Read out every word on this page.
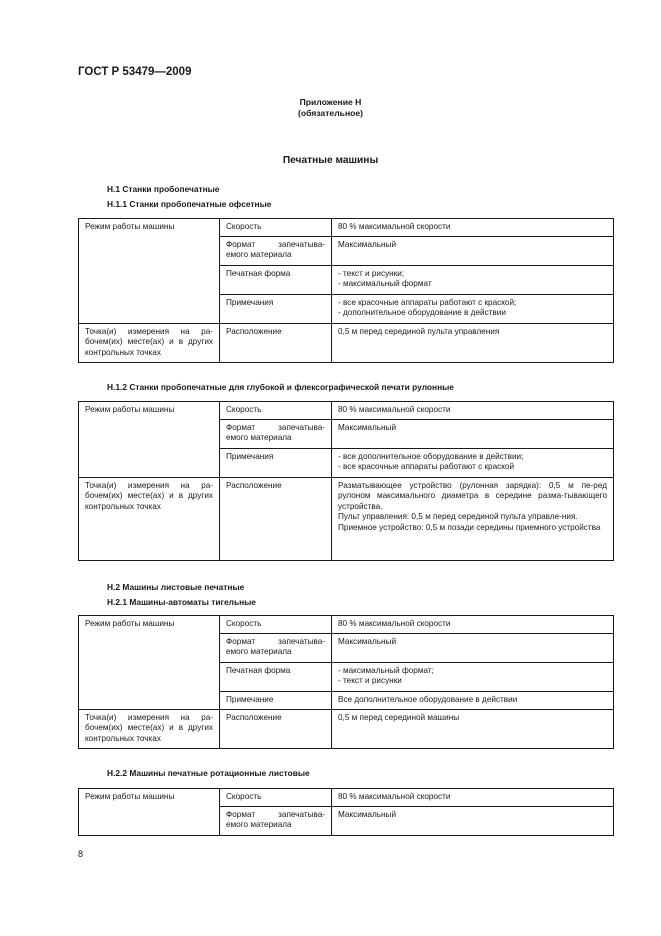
ГОСТ Р 53479—2009
Приложение Н
(обязательное)
Печатные машины
Н.1 Станки пробопечатные
Н.1.1 Станки пробопечатные офсетные
Режим работы машины	Скорость	80 % максимальной скорости
	Формат запечатыва-емого материала	Максимальный
	Печатная форма	- текст и рисунки;
- максимальный формат
	Примечания	- все красочные аппараты работают с краской;
- дополнительное оборудование в действии
Точка(и) измерения на ра-бочем(их) месте(ах) и в других контрольных точках	Расположение	0,5 м перед серединой пульта управления
Н.1.2 Станки пробопечатные для глубокой и флексографической печати рулонные
Режим работы машины	Скорость	80 % максимальной скорости
	Формат запечатыва-емого материала	Максимальный
	Примечания	- все дополнительное оборудование в действии;
- все красочные аппараты работают с краской
Точка(и) измерения на ра-бочем(их) месте(ах) и в других контрольных точках	Расположение	Разматывающее устройство (рулонная зарядка): 0,5 м пе-ред рулоном максимального диаметра в середине разма-тывающего устройства.
Пульт управления: 0,5 м перед серединой пульта управле-ния.
Приемное устройство: 0,5 м позади середины приемного устройства
Н.2 Машины листовые печатные
Н.2.1 Машины-автоматы тигельные
Режим работы машины	Скорость	80 % максимальной скорости
	Формат запечатыва-емого материала	Максимальный
	Печатная форма	- максимальный формат;
- текст и рисунки
	Примечание	Все дополнительное оборудование в действии
Точка(и) измерения на ра-бочем(их) месте(ах) и в других контрольных точках	Расположение	0,5 м перед серединой машины
Н.2.2 Машины печатные ротационные листовые
Режим работы машины	Скорость	80 % максимальной скорости
	Формат запечатыва-емого материала	Максимальный
8
